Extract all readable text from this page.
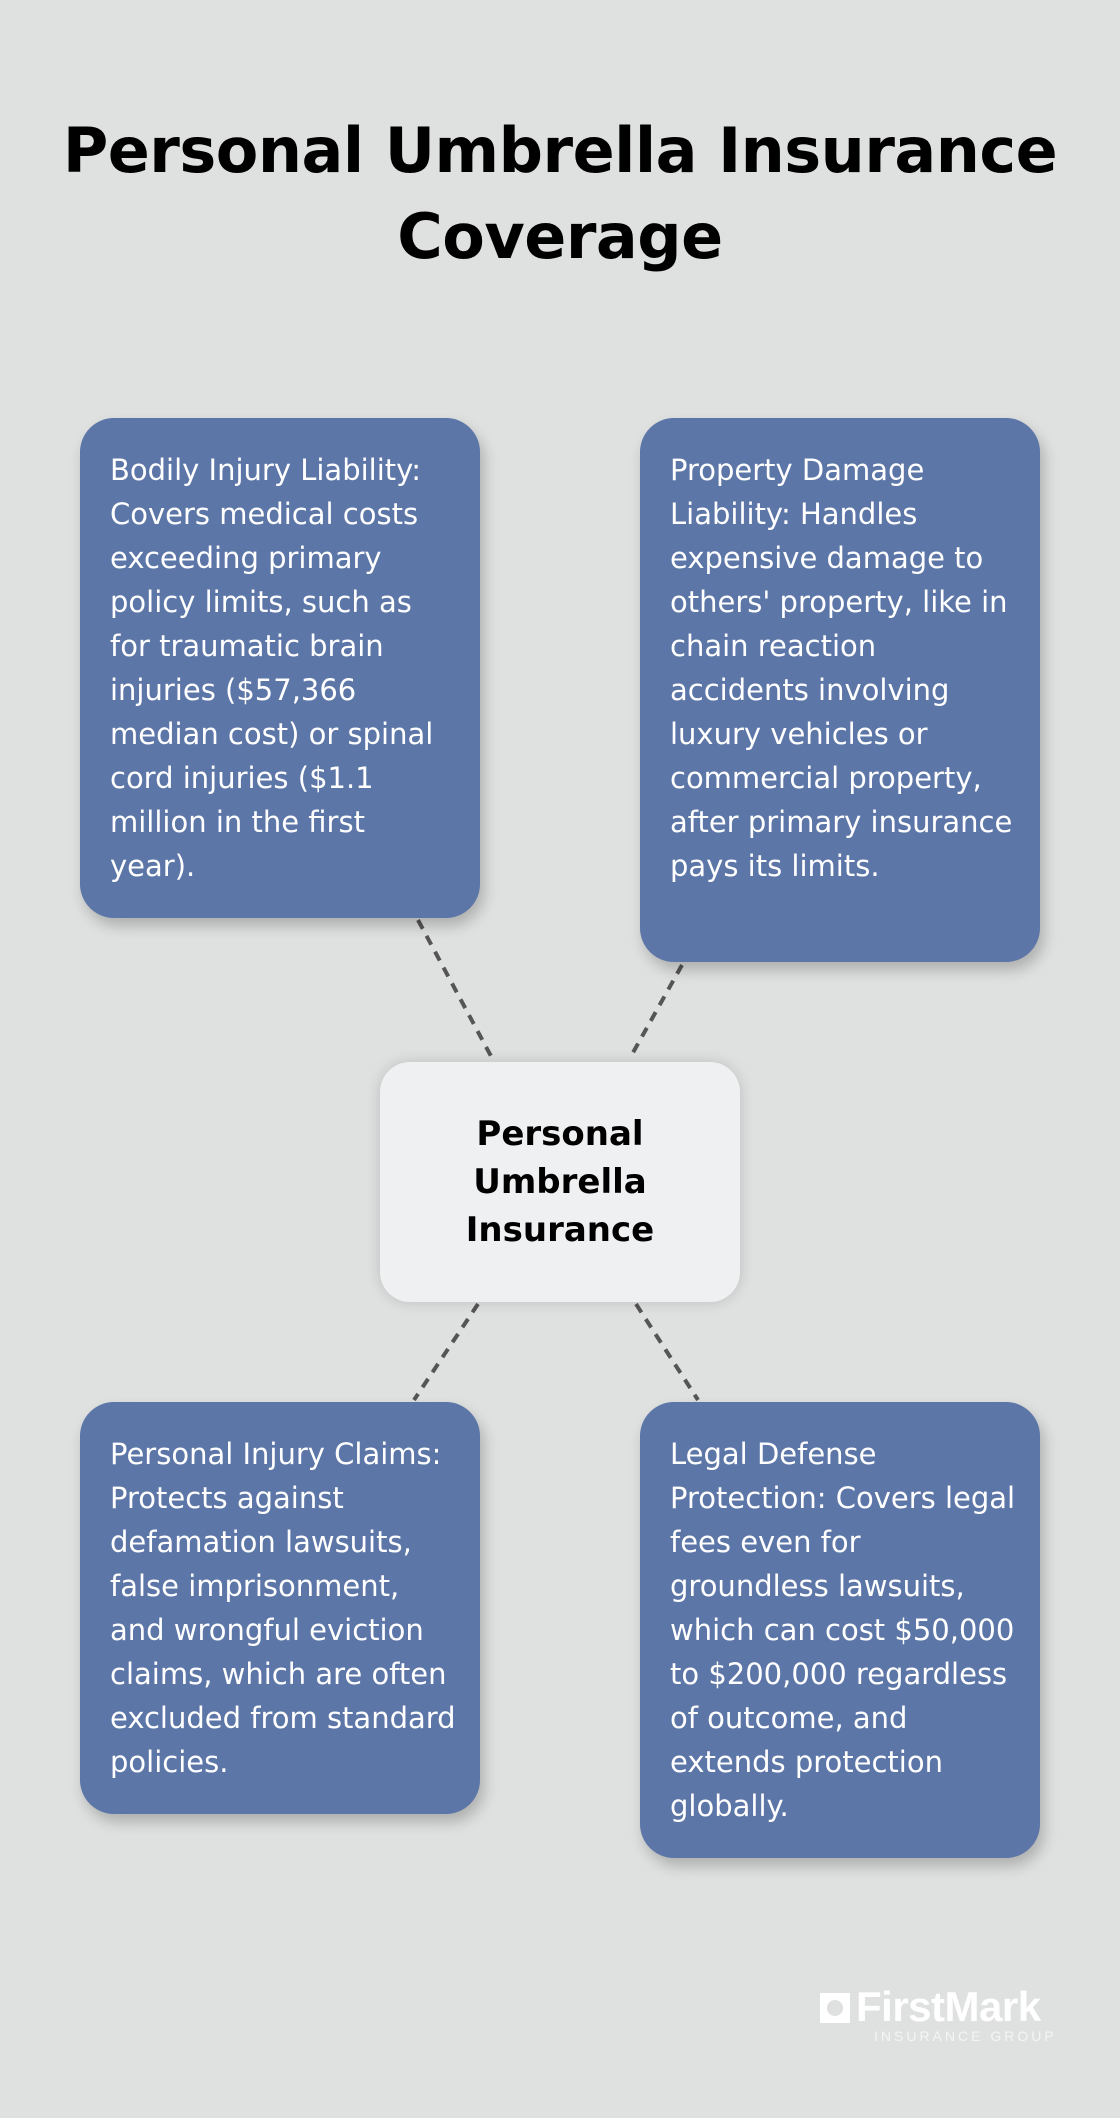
Personal Umbrella Insurance Coverage
Bodily Injury Liability: Covers medical costs exceeding primary policy limits, such as for traumatic brain injuries ($57,366 median cost) or spinal cord injuries ($1.1 million in the first year).
Property Damage Liability: Handles expensive damage to others' property, like in chain reaction accidents involving luxury vehicles or commercial property, after primary insurance pays its limits.
Personal Umbrella Insurance
Personal Injury Claims: Protects against defamation lawsuits, false imprisonment, and wrongful eviction claims, which are often excluded from standard policies.
Legal Defense Protection: Covers legal fees even for groundless lawsuits, which can cost $50,000 to $200,000 regardless of outcome, and extends protection globally.
FirstMark
INSURANCE GROUP
